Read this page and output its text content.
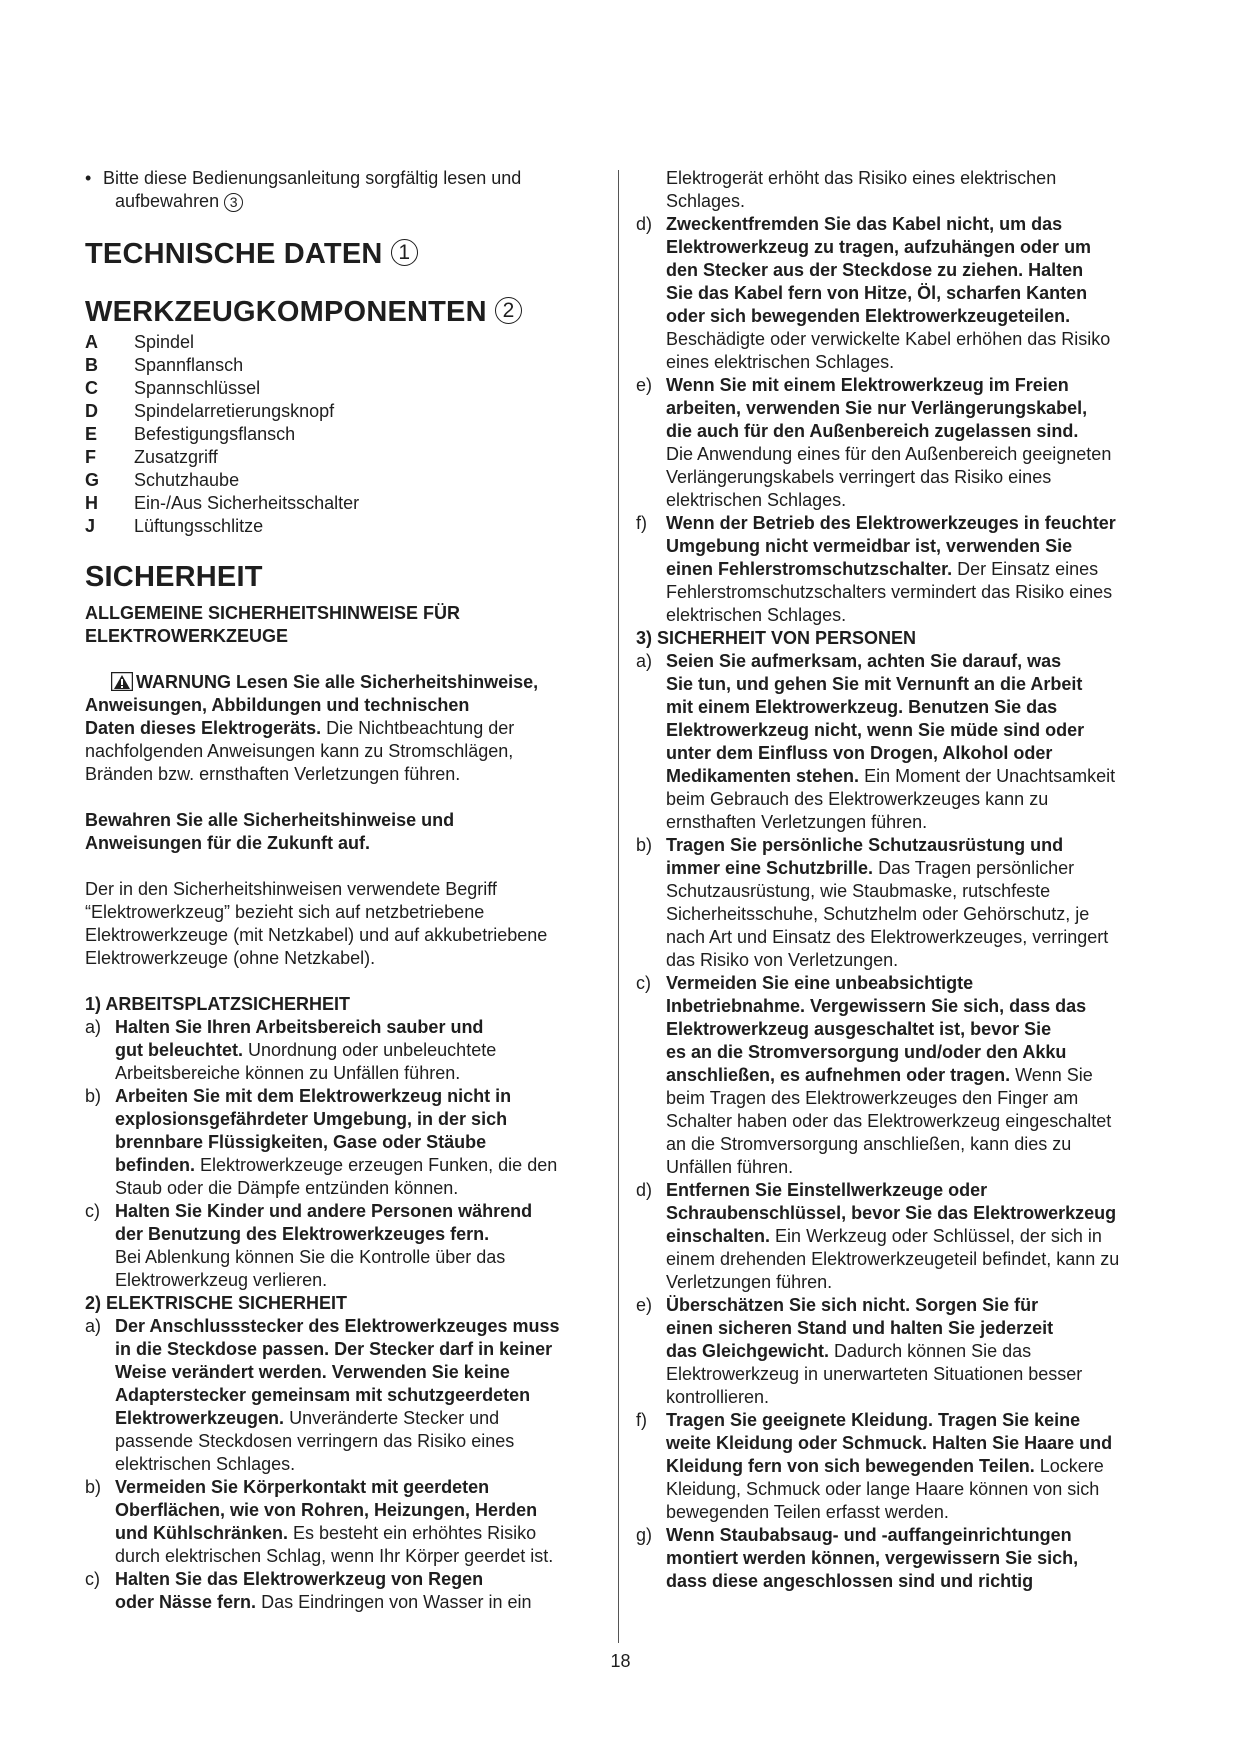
• Bitte diese Bedienungsanleitung sorgfältig lesen und
aufbewahren 3
TECHNISCHE DATEN 1
WERKZEUGKOMPONENTEN 2
A	Spindel
B	Spannflansch
C	Spannschlüssel
D	Spindelarretierungsknopf
E	Befestigungsflansch
F	Zusatzgriff
G	Schutzhaube
H	Ein-/Aus Sicherheitsschalter
J	Lüftungsschlitze
SICHERHEIT
ALLGEMEINE SICHERHEITSHINWEISE FÜR
ELEKTROWERKZEUGE
WARNUNG Lesen Sie alle Sicherheitshinweise,
Anweisungen, Abbildungen und technischen
Daten dieses Elektrogeräts. Die Nichtbeachtung der
nachfolgenden Anweisungen kann zu Stromschlägen,
Bränden bzw. ernsthaften Verletzungen führen.
Bewahren Sie alle Sicherheitshinweise und
Anweisungen für die Zukunft auf.
Der in den Sicherheitshinweisen verwendete Begriff
“Elektrowerkzeug” bezieht sich auf netzbetriebene
Elektrowerkzeuge (mit Netzkabel) und auf akkubetriebene
Elektrowerkzeuge (ohne Netzkabel).
1) ARBEITSPLATZSICHERHEIT
a) Halten Sie Ihren Arbeitsbereich sauber und
gut beleuchtet. Unordnung oder unbeleuchtete
Arbeitsbereiche können zu Unfällen führen.
b) Arbeiten Sie mit dem Elektrowerkzeug nicht in
explosionsgefährdeter Umgebung, in der sich
brennbare Flüssigkeiten, Gase oder Stäube
befinden. Elektrowerkzeuge erzeugen Funken, die den
Staub oder die Dämpfe entzünden können.
c) Halten Sie Kinder und andere Personen während
der Benutzung des Elektrowerkzeuges fern.
Bei Ablenkung können Sie die Kontrolle über das
Elektrowerkzeug verlieren.
2) ELEKTRISCHE SICHERHEIT
a) Der Anschlussstecker des Elektrowerkzeuges muss
in die Steckdose passen. Der Stecker darf in keiner
Weise verändert werden. Verwenden Sie keine
Adapterstecker gemeinsam mit schutzgeerdeten
Elektrowerkzeugen. Unveränderte Stecker und
passende Steckdosen verringern das Risiko eines
elektrischen Schlages.
b) Vermeiden Sie Körperkontakt mit geerdeten
Oberflächen, wie von Rohren, Heizungen, Herden
und Kühlschränken. Es besteht ein erhöhtes Risiko
durch elektrischen Schlag, wenn Ihr Körper geerdet ist.
c) Halten Sie das Elektrowerkzeug von Regen
oder Nässe fern. Das Eindringen von Wasser in ein
Elektrogerät erhöht das Risiko eines elektrischen
Schlages.
d) Zweckentfremden Sie das Kabel nicht, um das
Elektrowerkzeug zu tragen, aufzuhängen oder um
den Stecker aus der Steckdose zu ziehen. Halten
Sie das Kabel fern von Hitze, Öl, scharfen Kanten
oder sich bewegenden Elektrowerkzeugeteilen.
Beschädigte oder verwickelte Kabel erhöhen das Risiko
eines elektrischen Schlages.
e) Wenn Sie mit einem Elektrowerkzeug im Freien
arbeiten, verwenden Sie nur Verlängerungskabel,
die auch für den Außenbereich zugelassen sind.
Die Anwendung eines für den Außenbereich geeigneten
Verlängerungskabels verringert das Risiko eines
elektrischen Schlages.
f) Wenn der Betrieb des Elektrowerkzeuges in feuchter
Umgebung nicht vermeidbar ist, verwenden Sie
einen Fehlerstromschutzschalter. Der Einsatz eines
Fehlerstromschutzschalters vermindert das Risiko eines
elektrischen Schlages.
3) SICHERHEIT VON PERSONEN
a) Seien Sie aufmerksam, achten Sie darauf, was
Sie tun, und gehen Sie mit Vernunft an die Arbeit
mit einem Elektrowerkzeug. Benutzen Sie das
Elektrowerkzeug nicht, wenn Sie müde sind oder
unter dem Einfluss von Drogen, Alkohol oder
Medikamenten stehen. Ein Moment der Unachtsamkeit
beim Gebrauch des Elektrowerkzeuges kann zu
ernsthaften Verletzungen führen.
b) Tragen Sie persönliche Schutzausrüstung und
immer eine Schutzbrille. Das Tragen persönlicher
Schutzausrüstung, wie Staubmaske, rutschfeste
Sicherheitsschuhe, Schutzhelm oder Gehörschutz, je
nach Art und Einsatz des Elektrowerkzeuges, verringert
das Risiko von Verletzungen.
c) Vermeiden Sie eine unbeabsichtigte
Inbetriebnahme. Vergewissern Sie sich, dass das
Elektrowerkzeug ausgeschaltet ist, bevor Sie
es an die Stromversorgung und/oder den Akku
anschließen, es aufnehmen oder tragen. Wenn Sie
beim Tragen des Elektrowerkzeuges den Finger am
Schalter haben oder das Elektrowerkzeug eingeschaltet
an die Stromversorgung anschließen, kann dies zu
Unfällen führen.
d) Entfernen Sie Einstellwerkzeuge oder
Schraubenschlüssel, bevor Sie das Elektrowerkzeug
einschalten. Ein Werkzeug oder Schlüssel, der sich in
einem drehenden Elektrowerkzeugeteil befindet, kann zu
Verletzungen führen.
e) Überschätzen Sie sich nicht. Sorgen Sie für
einen sicheren Stand und halten Sie jederzeit
das Gleichgewicht. Dadurch können Sie das
Elektrowerkzeug in unerwarteten Situationen besser
kontrollieren.
f) Tragen Sie geeignete Kleidung. Tragen Sie keine
weite Kleidung oder Schmuck. Halten Sie Haare und
Kleidung fern von sich bewegenden Teilen. Lockere
Kleidung, Schmuck oder lange Haare können von sich
bewegenden Teilen erfasst werden.
g) Wenn Staubabsaug- und -auffangeinrichtungen
montiert werden können, vergewissern Sie sich,
dass diese angeschlossen sind und richtig
18
